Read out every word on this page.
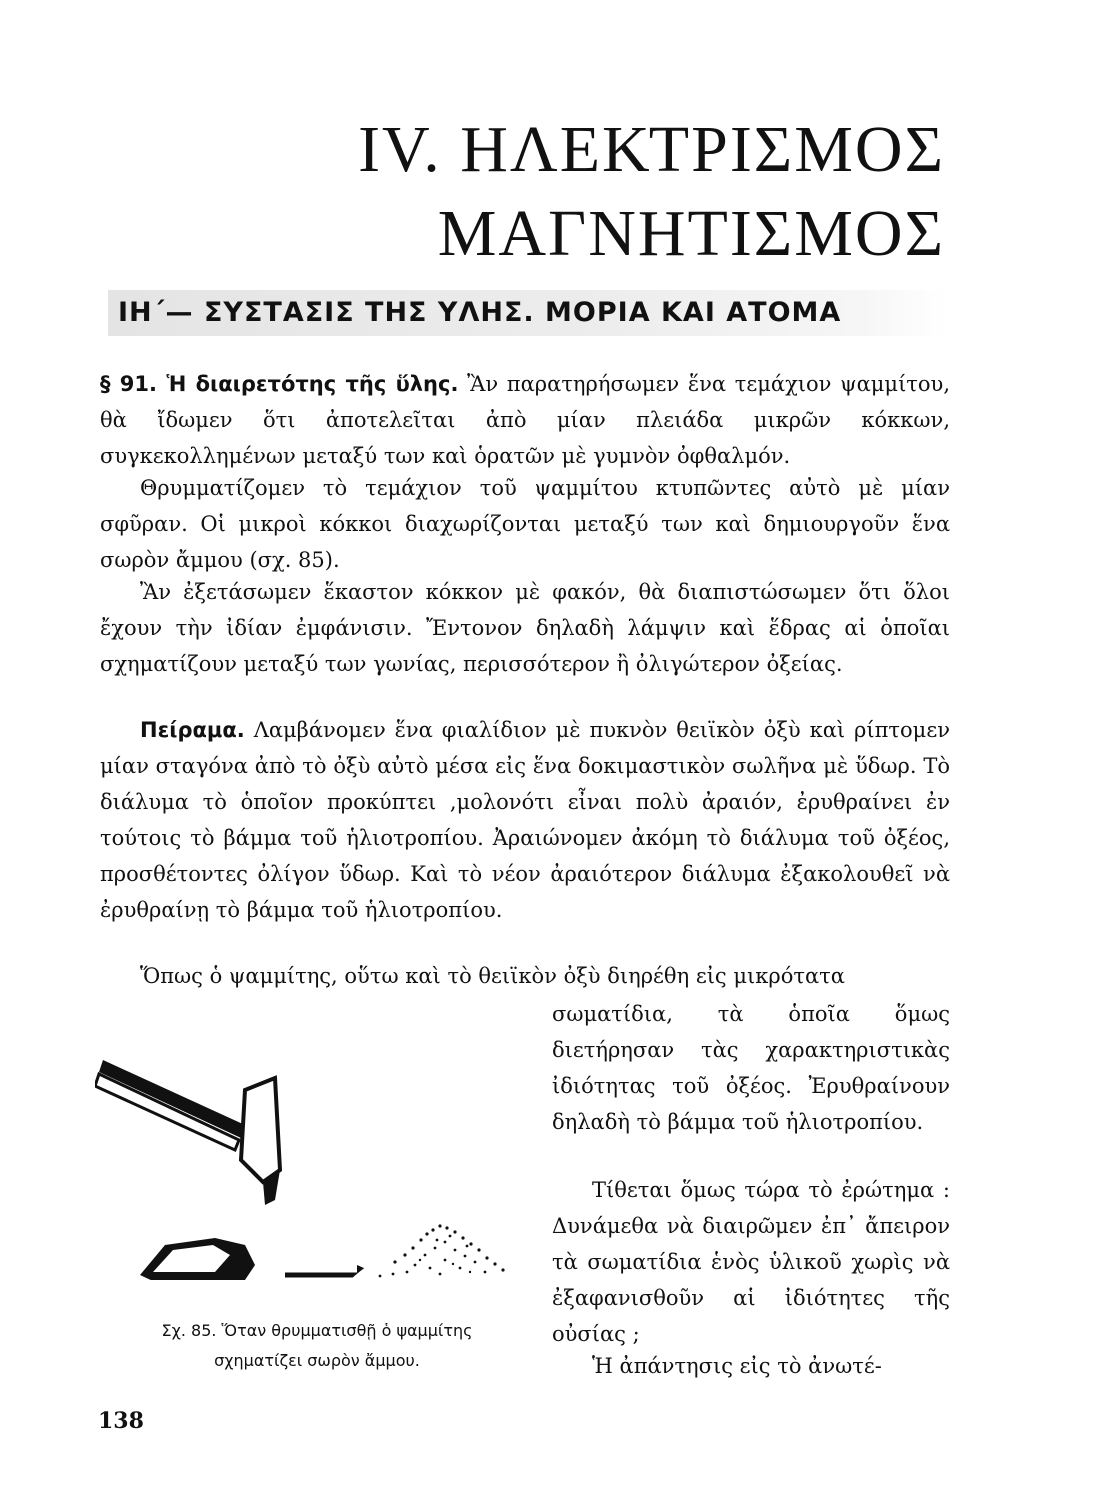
IV. ΗΛΕΚΤΡΙΣΜΟΣ
ΜΑΓΝΗΤΙΣΜΟΣ
ΙΗ΄— ΣΥΣΤΑΣΙΣ ΤΗΣ ΥΛΗΣ. ΜΟΡΙΑ ΚΑΙ ΑΤΟΜΑ

§ 91. Ἡ διαιρετότης τῆς ὕλης. Ἂν παρατηρήσωμεν ἕνα τεμάχιον ψαμμίτου, θὰ ἴδωμεν ὅτι ἀποτελεῖται ἀπὸ μίαν πλειάδα μικρῶν κόκκων, συγκεκολλημένων μεταξύ των καὶ ὁρατῶν μὲ γυμνὸν ὀφθαλμόν.

Θρυμματίζομεν τὸ τεμάχιον τοῦ ψαμμίτου κτυπῶντες αὐτὸ μὲ μίαν σφῦραν. Οἱ μικροὶ κόκκοι διαχωρίζονται μεταξύ των καὶ δημιουργοῦν ἕνα σωρὸν ἄμμου (σχ. 85).

Ἂν ἐξετάσωμεν ἕκαστον κόκκον μὲ φακόν, θὰ διαπιστώσωμεν ὅτι ὅλοι ἔχουν τὴν ἰδίαν ἐμφάνισιν. Ἔντονον δηλαδὴ λάμψιν καὶ ἕδρας αἱ ὁποῖαι σχηματίζουν μεταξύ των γωνίας, περισσότερον ἢ ὀλιγώτερον ὀξείας.

Πείραμα. Λαμβάνομεν ἕνα φιαλίδιον μὲ πυκνὸν θειϊκὸν ὀξὺ καὶ ρίπτομεν μίαν σταγόνα ἀπὸ τὸ ὀξὺ αὐτὸ μέσα εἰς ἕνα δοκιμαστικὸν σωλῆνα μὲ ὕδωρ. Τὸ διάλυμα τὸ ὁποῖον προκύπτει ,μολονότι εἶναι πολὺ ἀραιόν, ἐρυθραίνει ἐν τούτοις τὸ βάμμα τοῦ ἡλιοτροπίου. Ἀραιώνομεν ἀκόμη τὸ διάλυμα τοῦ ὀξέος, προσθέτοντες ὀλίγον ὕδωρ. Καὶ τὸ νέον ἀραιότερον διάλυμα ἐξακολουθεῖ νὰ ἐρυθραίνῃ τὸ βάμμα τοῦ ἡλιοτροπίου.

Ὅπως ὁ ψαμμίτης, οὕτω καὶ τὸ θειϊκὸν ὀξὺ διηρέθη εἰς μικρότατα

σωματίδια, τὰ ὁποῖα ὅμως διετήρησαν τὰς χαρακτηριστικὰς ἰδιότητας τοῦ ὀξέος. Ἐρυθραίνουν δηλαδὴ τὸ βάμμα τοῦ ἡλιοτροπίου.

Τίθεται ὅμως τώρα τὸ ἐρώτημα : Δυνάμεθα νὰ διαιρῶμεν ἐπ᾽ ἄπειρον τὰ σωματίδια ἑνὸς ὑλικοῦ χωρὶς νὰ ἐξαφανισθοῦν αἱ ἰδιότητες τῆς οὐσίας ;

Ἡ ἀπάντησις εἰς τὸ ἀνωτέ-

Σχ. 85. Ὅταν θρυμματισθῇ ὁ ψαμμίτης
σχηματίζει σωρὸν ἄμμου.
138
